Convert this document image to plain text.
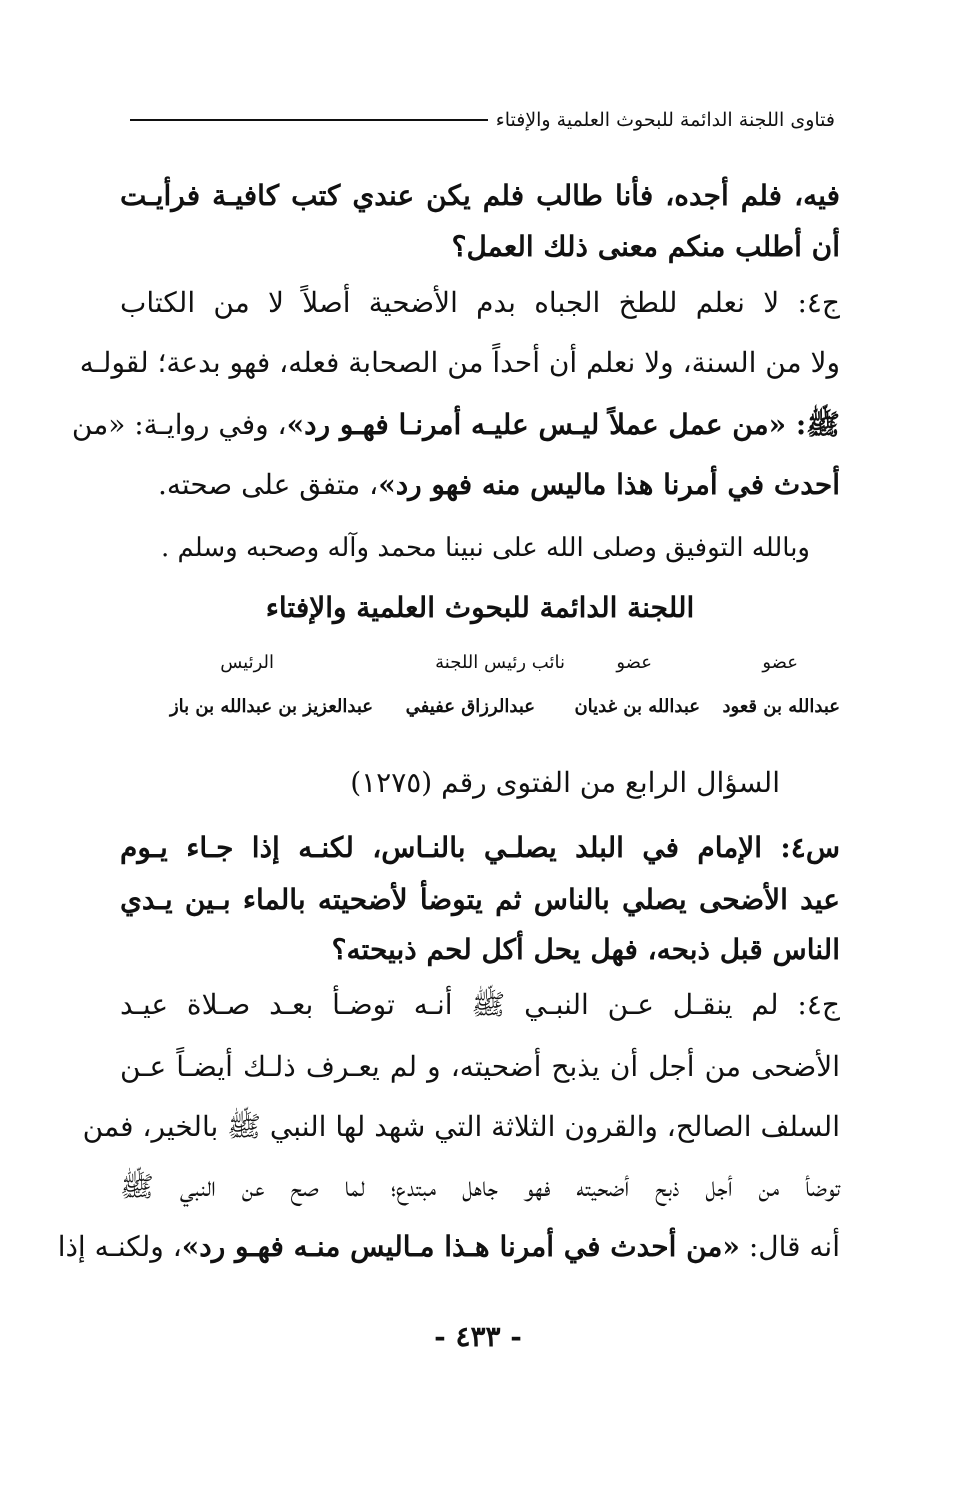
فتاوى اللجنة الدائمة للبحوث العلمية والإفتاء
فيه، فلم أجده، فأنا طالب فلم يكن عندي كتب كافيـة فرأيـت
أن أطلب منكم معنى ذلك العمل؟
ج٤: لا نعلم للطخ الجباه بدم الأضحية أصلاً لا من الكتاب
ولا من السنة، ولا نعلم أن أحداً من الصحابة فعله، فهو بدعة؛ لقولـه
ﷺ: «من عمل عملاً ليـس عليـه أمرنـا فهـو رد»، وفي روايـة: «من
أحدث في أمرنا هذا ماليس منه فهو رد»، متفق على صحته.
وبالله التوفيق وصلى الله على نبينا محمد وآله وصحبه وسلم .
اللجنة الدائمة للبحوث العلمية والإفتاء
عضو
عضو
نائب رئيس اللجنة
الرئيس
عبدالله بن قعود
عبدالله بن غديان
عبدالرزاق عفيفي
عبدالعزيز بن عبدالله بن باز
السؤال الرابع من الفتوى رقم (١٢٧٥)
س٤: الإمام في البلد يصلـي بالنـاس، لكنـه إذا جـاء يـوم
عيد الأضحى يصلي بالناس ثم يتوضأ لأضحيته بالماء بـين يـدي
الناس قبل ذبحه، فهل يحل أكل لحم ذبيحته؟
ج٤: لم ينقـل عـن النبـي ﷺ أنـه توضـأ بعـد صـلاة عيـد
الأضحى من أجل أن يذبح أضحيته، و لم يعـرف ذلـك أيضـاً عـن
السلف الصالح، والقرون الثلاثة التي شهد لها النبي ﷺ بالخير، فمن
توضأ من أجل ذبح أضحيته فهو جاهل مبتدع؛ لما صح عن النبي ﷺ
أنه قال: «من أحدث في أمرنا هـذا مـاليس منـه فهـو رد»، ولكنـه إذا
- ٤٣٣ -
